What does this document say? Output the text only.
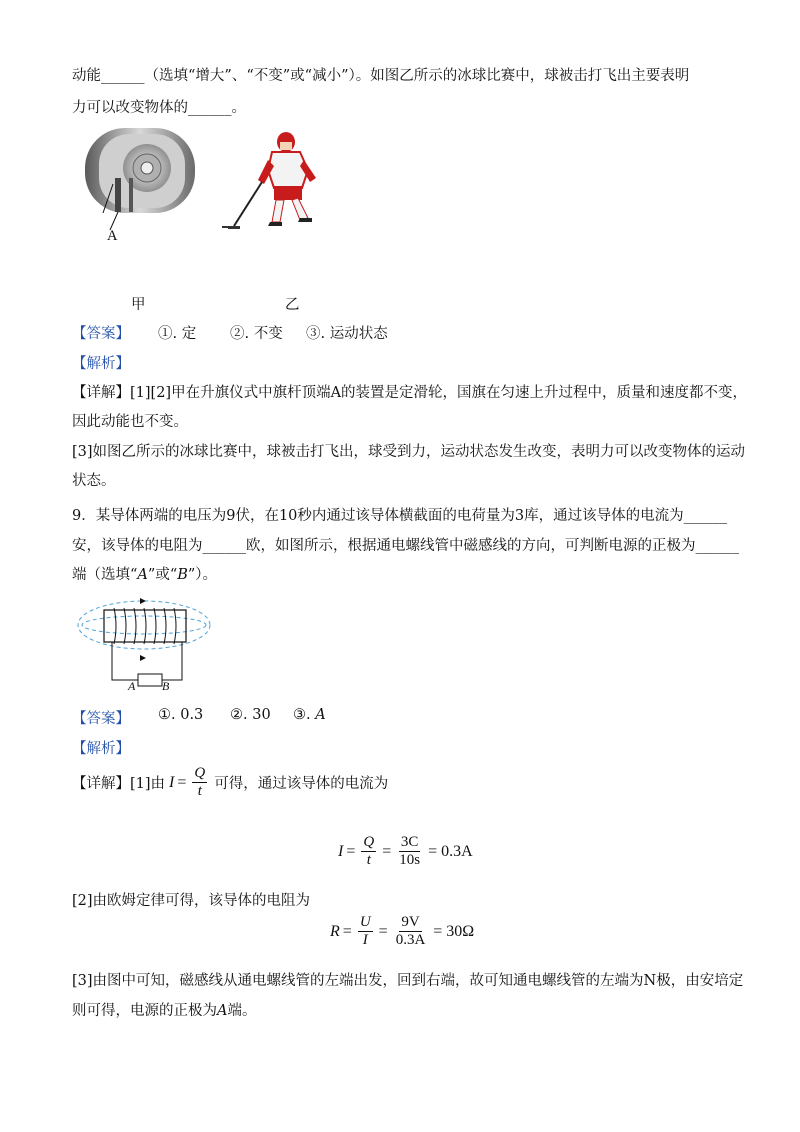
动能______（选填“增大”、“不变”或“减小”）。如图乙所示的冰球比赛中，球被击打飞出主要表明
力可以改变物体的______。
A
甲	乙
【答案】 ①. 定 ②. 不变 ③. 运动状态
【解析】
【详解】[1][2]甲在升旗仪式中旗杆顶端A的装置是定滑轮，国旗在匀速上升过程中，质量和速度都不变，
因此动能也不变。
[3]如图乙所示的冰球比赛中，球被击打飞出，球受到力，运动状态发生改变，表明力可以改变物体的运动
状态。
9．某导体两端的电压为9伏，在10秒内通过该导体横截面的电荷量为3库，通过该导体的电流为______
安，该导体的电阻为______欧，如图所示，根据通电螺线管中磁感线的方向，可判断电源的正极为______
端（选填“A”或“B”）。
A B
【答案】 ①. 0.3 ②. 30 ③. A
【解析】
【详解】[1]由 $I = \frac{Q}{t}$ 可得，通过该导体的电流为
$I = \frac{Q}{t} = \frac{3C}{10s} = 0.3A$
[2]由欧姆定律可得，该导体的电阻为
$R = \frac{U}{I} = \frac{9V}{0.3A} = 30\Omega$
[3]由图中可知，磁感线从通电螺线管的左端出发，回到右端，故可知通电螺线管的左端为N极，由安培定
则可得，电源的正极为A端。
